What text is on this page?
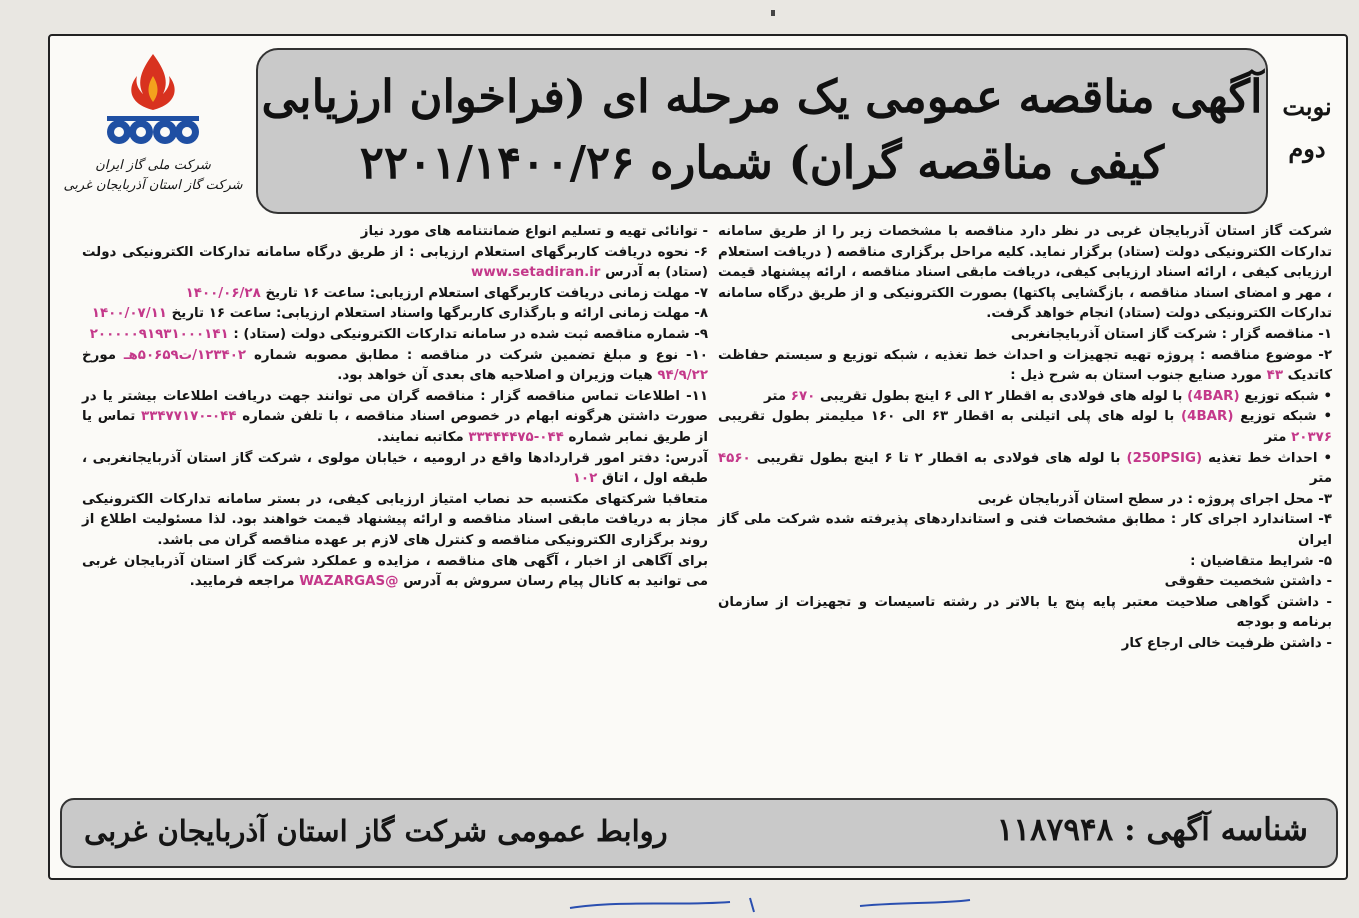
شرکت ملی گاز ایران
شرکت گاز استان آذربایجان غربی
آگهی مناقصه عمومی یک مرحله ای (فراخوان ارزیابی
کیفی مناقصه گران) شماره ۲۲۰۱/۱۴۰۰/۲۶
نوبت
دوم

شرکت گاز استان آذربایجان غربی در نظر دارد مناقصه با مشخصات زیر را از طریق سامانه تدارکات الکترونیکی دولت (ستاد) برگزار نماید. کلیه مراحل برگزاری مناقصه ( دریافت استعلام ارزیابی کیفی ، ارائه اسناد ارزیابی کیفی، دریافت مابقی اسناد مناقصه ، ارائه پیشنهاد قیمت ، مهر و امضای اسناد مناقصه ، بازگشایی پاکتها) بصورت الکترونیکی و از طریق درگاه سامانه تدارکات الکترونیکی دولت (ستاد) انجام خواهد گرفت.

۱- مناقصه گزار : شرکت گاز استان آذربایجانغربی

۲- موضوع مناقصه : پروژه تهیه تجهیزات و احداث خط تغذیه ، شبکه توزیع و سیستم حفاظت کاتدیک ۴۳ مورد صنایع جنوب استان به شرح ذیل :

• شبکه توزیع (4BAR) با لوله های فولادی به اقطار ۲ الی ۶ اینچ بطول تقریبی ۶۷۰ متر

• شبکه توزیع (4BAR) با لوله های پلی اتیلنی به اقطار ۶۳ الی ۱۶۰ میلیمتر بطول تقریبی ۲۰۳۷۶ متر

• احداث خط تغذیه (250PSIG) با لوله های فولادی به اقطار ۲ تا ۶ اینچ بطول تقریبی ۴۵۶۰ متر

۳- محل اجرای پروژه : در سطح استان آذربایجان غربی

۴- استاندارد اجرای کار : مطابق مشخصات فنی و استانداردهای پذیرفته شده شرکت ملی گاز ایران

۵- شرایط متقاضیان :

- داشتن شخصیت حقوقی

- داشتن گواهی صلاحیت معتبر پایه پنج یا بالاتر در رشته تاسیسات و تجهیزات از سازمان برنامه و بودجه

- داشتن ظرفیت خالی ارجاع کار

- توانائی تهیه و تسلیم انواع ضمانتنامه های مورد نیاز

۶- نحوه دریافت کاربرگهای استعلام ارزیابی : از طریق درگاه سامانه تدارکات الکترونیکی دولت (ستاد) به آدرس www.setadiran.ir

۷- مهلت زمانی دریافت کاربرگهای استعلام ارزیابی: ساعت ۱۶ تاریخ ۱۴۰۰/۰۶/۲۸

۸- مهلت زمانی ارائه و بارگذاری کاربرگها واسناد استعلام ارزیابی: ساعت ۱۶ تاریخ ۱۴۰۰/۰۷/۱۱

۹- شماره مناقصه ثبت شده در سامانه تدارکات الکترونیکی دولت (ستاد) : ۲۰۰۰۰۰۹۱۹۳۱۰۰۰۱۴۱

۱۰- نوع و مبلغ تضمین شرکت در مناقصه : مطابق مصوبه شماره ۱۲۳۴۰۲/ت۵۰۶۵۹هـ مورخ ۹۴/۹/۲۲ هیات وزیران و اصلاحیه های بعدی آن خواهد بود.

۱۱- اطلاعات تماس مناقصه گزار : مناقصه گران می توانند جهت دریافت اطلاعات بیشتر یا در صورت داشتن هرگونه ابهام در خصوص اسناد مناقصه ، با تلفن شماره ۰۴۴-۳۳۴۷۷۱۷۰ تماس یا از طریق نمابر شماره ۰۴۴-۳۳۴۴۴۴۷۵ مکاتبه نمایند.

آدرس: دفتر امور قراردادها واقع در ارومیه ، خیابان مولوی ، شرکت گاز استان آذربایجانغربی ، طبقه اول ، اتاق ۱۰۲

متعاقبا شرکتهای مکتسبه حد نصاب امتیاز ارزیابی کیفی، در بستر سامانه تدارکات الکترونیکی مجاز به دریافت مابقی اسناد مناقصه و ارائه پیشنهاد قیمت خواهند بود. لذا مسئولیت اطلاع از روند برگزاری الکترونیکی مناقصه و کنترل های لازم بر عهده مناقصه گران می باشد.

برای آگاهی از اخبار ، آگهی های مناقصه ، مزایده و عملکرد شرکت گاز استان آذربایجان غربی می توانید به کانال پیام رسان سروش به آدرس @WAZARGAS مراجعه فرمایید.

شناسه آگهی : ۱۱۸۷۹۴۸
روابط عمومی شرکت گاز استان آذربایجان غربی
